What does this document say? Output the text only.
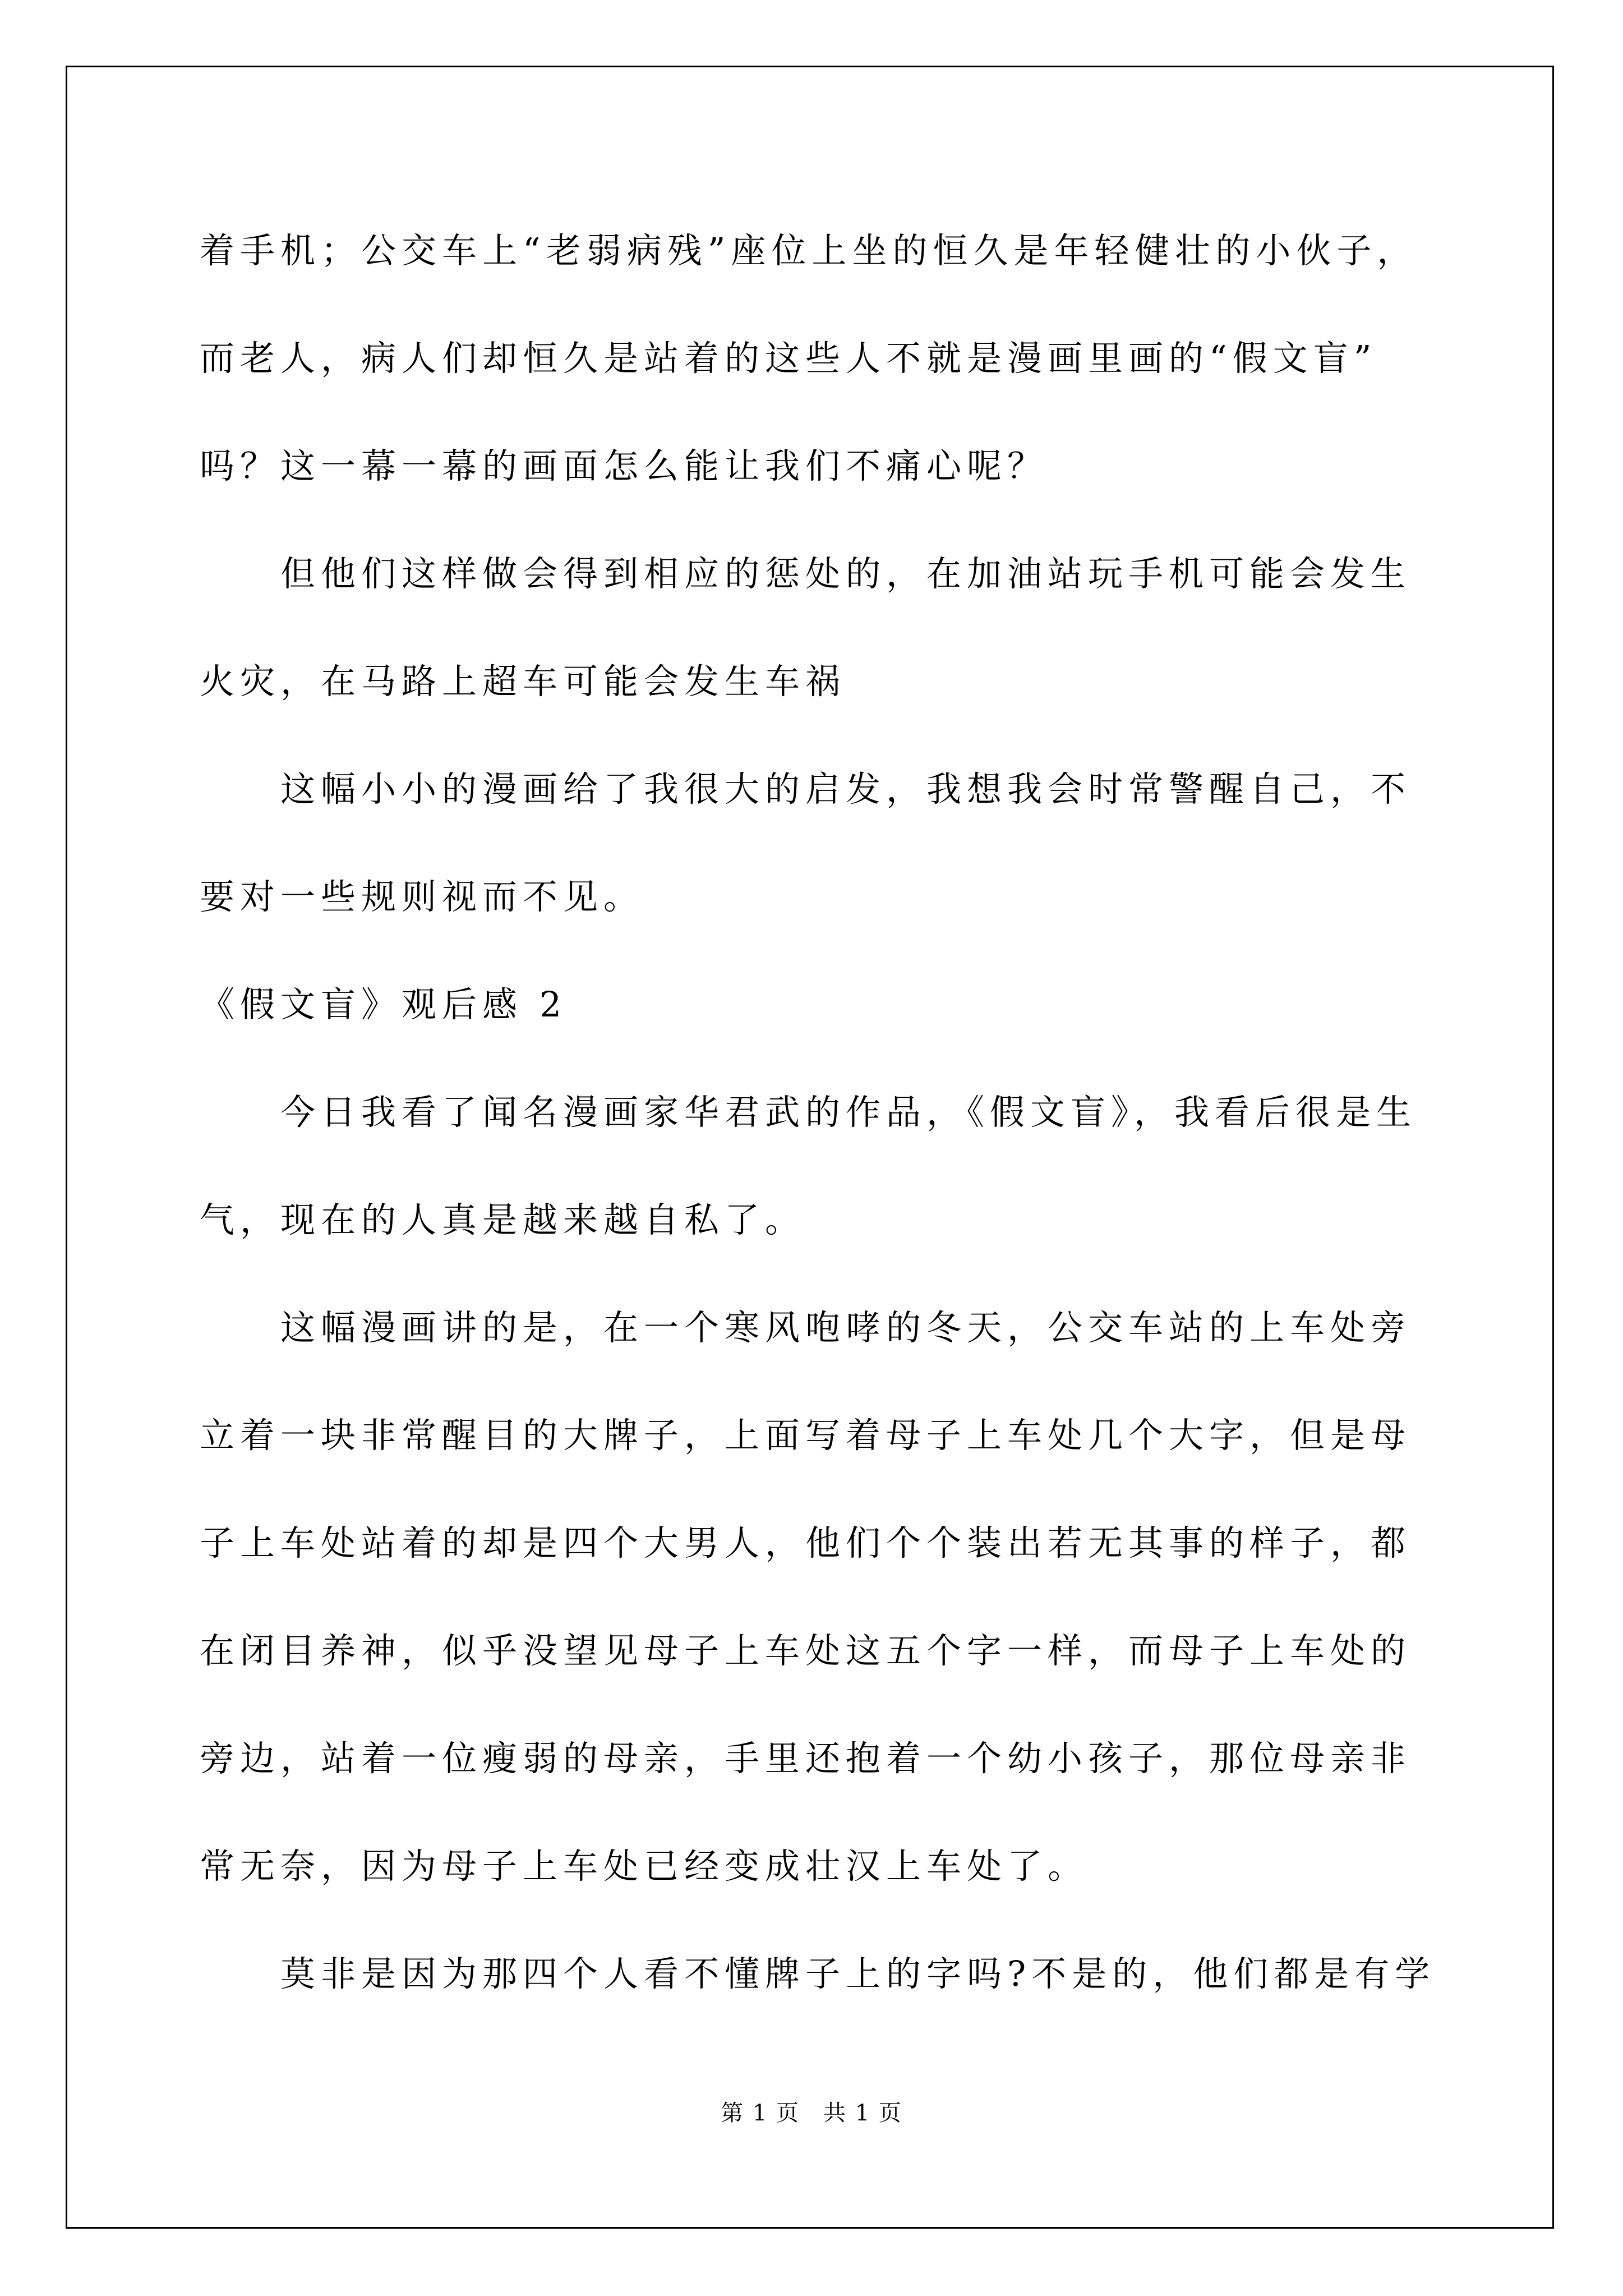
着手机；公交车上“老弱病残”座位上坐的恒久是年轻健壮的小伙子，
而老人，病人们却恒久是站着的这些人不就是漫画里画的“假文盲”
吗？这一幕一幕的画面怎么能让我们不痛心呢？
但他们这样做会得到相应的惩处的，在加油站玩手机可能会发生
火灾，在马路上超车可能会发生车祸
这幅小小的漫画给了我很大的启发，我想我会时常警醒自己，不
要对一些规则视而不见。
《假文盲》观后感 2
今日我看了闻名漫画家华君武的作品，《假文盲》，我看后很是生
气，现在的人真是越来越自私了。
这幅漫画讲的是，在一个寒风咆哮的冬天，公交车站的上车处旁
立着一块非常醒目的大牌子，上面写着母子上车处几个大字，但是母
子上车处站着的却是四个大男人，他们个个装出若无其事的样子，都
在闭目养神，似乎没望见母子上车处这五个字一样，而母子上车处的
旁边，站着一位瘦弱的母亲，手里还抱着一个幼小孩子，那位母亲非
常无奈，因为母子上车处已经变成壮汉上车处了。
莫非是因为那四个人看不懂牌子上的字吗?不是的，他们都是有学
第 1 页　共 1 页
